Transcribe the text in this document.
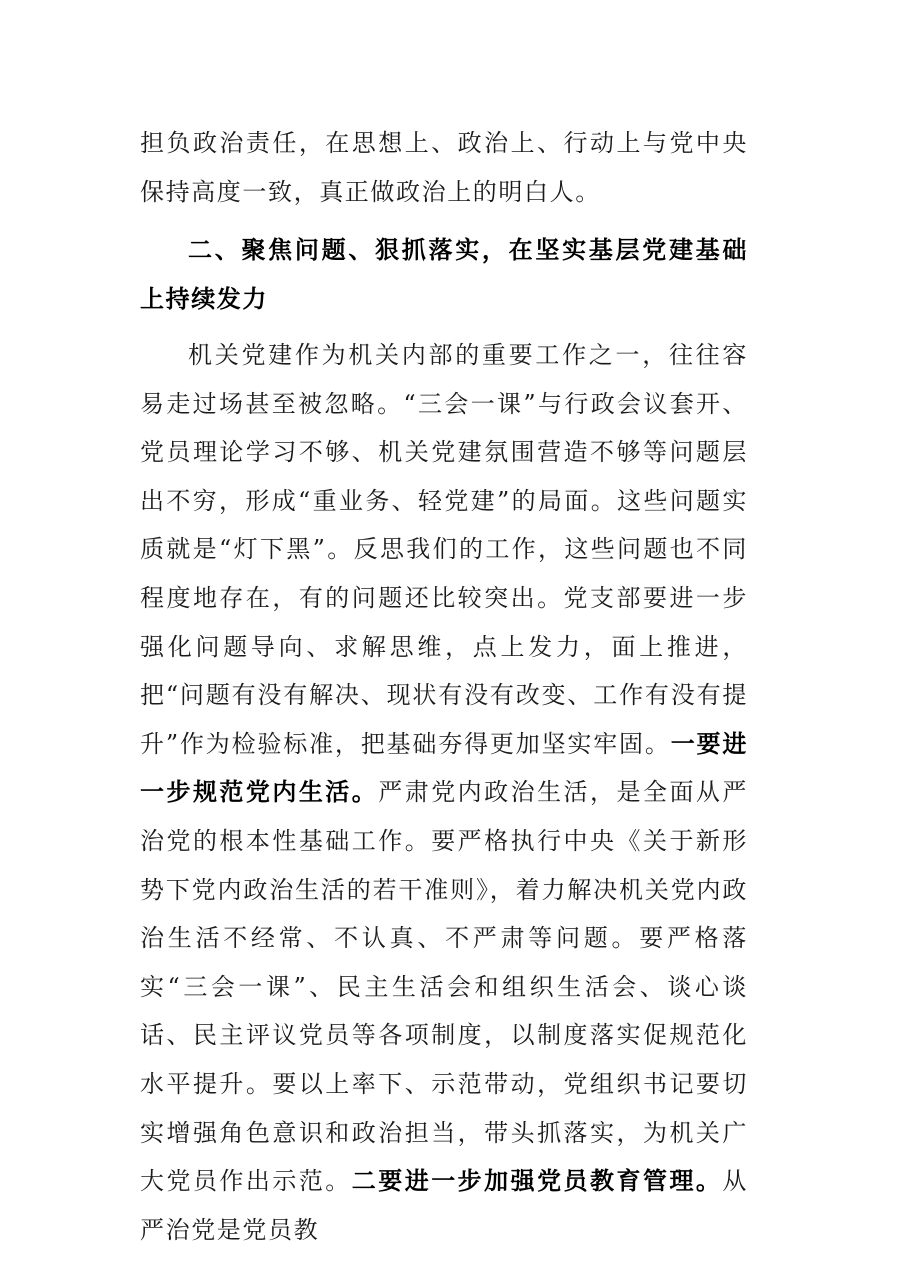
担负政治责任，在思想上、政治上、行动上与党中央保持高度一致，真正做政治上的明白人。

二、聚焦问题、狠抓落实，在坚实基层党建基础上持续发力

机关党建作为机关内部的重要工作之一，往往容易走过场甚至被忽略。“三会一课”与行政会议套开、党员理论学习不够、机关党建氛围营造不够等问题层出不穷，形成“重业务、轻党建”的局面。这些问题实质就是“灯下黑”。反思我们的工作，这些问题也不同程度地存在，有的问题还比较突出。党支部要进一步强化问题导向、求解思维，点上发力，面上推进，把“问题有没有解决、现状有没有改变、工作有没有提升”作为检验标准，把基础夯得更加坚实牢固。一要进一步规范党内生活。严肃党内政治生活，是全面从严治党的根本性基础工作。要严格执行中央《关于新形势下党内政治生活的若干准则》，着力解决机关党内政治生活不经常、不认真、不严肃等问题。要严格落实“三会一课”、民主生活会和组织生活会、谈心谈话、民主评议党员等各项制度，以制度落实促规范化水平提升。要以上率下、示范带动，党组织书记要切实增强角色意识和政治担当，带头抓落实，为机关广大党员作出示范。二要进一步加强党员教育管理。从严治党是党员教
